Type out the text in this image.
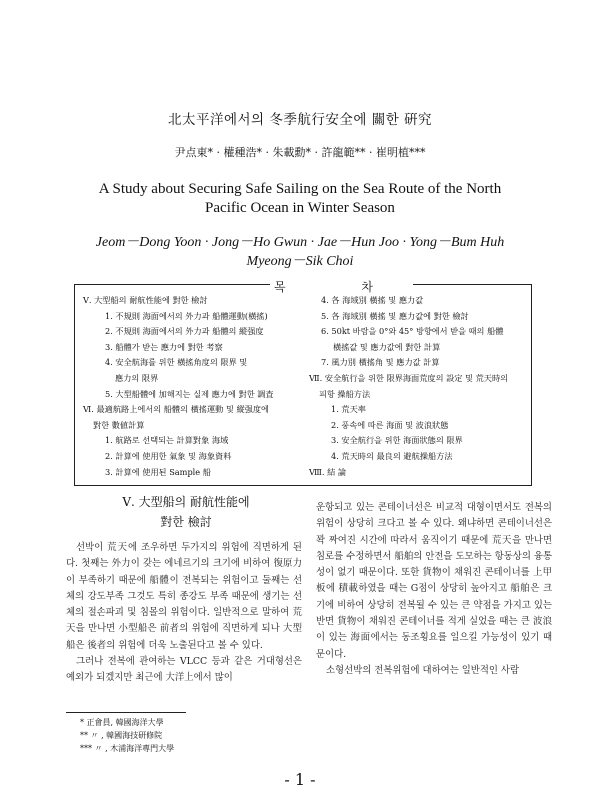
北太平洋에서의 冬季航行安全에 關한 硏究
尹点東* · 權種浩* · 朱載勳* · 許龍範** · 崔明植***
A Study about Securing Safe Sailing on the Sea Route of the North
Pacific Ocean in Winter Season
Jeom－Dong Yoon · Jong－Ho Gwun · Jae－Hun Joo · Yong－Bum Huh
Myeong－Sik Choi
Ⅴ. 大型船의 耐航性能에 對한 檢討
1. 不規則 海面에서의 外力과 船體運動(橫搖)
2. 不規則 海面에서의 外力과 船體의 縱强度
3. 船體가 받는 應力에 對한 考察
4. 安全航海를 위한 橫搖角度의 限界 및
應力의 限界
5. 大型船體에 加해지는 실제 應力에 對한 調査
Ⅵ. 最適航路上에서의 船體의 橫搖運動 및 縱强度에
對한 數値計算
1. 航路로 선택되는 計算對象 海域
2. 計算에 使用한 氣象 및 海象資料
3. 計算에 使用된 Sample 船
4. 各 海域別 橫搖 및 應力값
5. 各 海域別 橫搖 및 應力값에 對한 檢討
6. 50kt 바람을 0°와 45° 방향에서 받을 때의 船體
橫搖값 및 應力값에 對한 計算
7. 風力別 橫搖角 및 應力값 計算
Ⅶ. 安全航行을 위한 限界海面荒度의 設定 및 荒天時의
피항 操船方法
1. 荒天率
2. 풍속에 따른 海面 및 波浪狀態
3. 安全航行을 위한 海面狀態의 限界
4. 荒天時의 最良의 避航操船方法
Ⅷ. 結 論
목 차
Ⅴ. 大型船의 耐航性能에
對한 檢討

선박이 荒天에 조우하면 두가지의 위험에 직면하게 된다. 첫째는 外力이 갖는 에네르기의 크기에 비하여 復原力이 부족하기 때문에 船體이 전복되는 위험이고 둘째는 선체의 강도부족 그것도 특히 종강도 부족 때문에 생기는 선체의 절손파괴 및 침몰의 위험이다. 일반적으로 말하여 荒天을 만나면 小型船은 前者의 위험에 직면하게 되나 大型船은 後者의 위험에 더욱 노출된다고 볼 수 있다.

그러나 전복에 관여하는 VLCC 등과 같은 거대형선은 예외가 되겠지만 최근에 大洋上에서 많이

운항되고 있는 콘테이너선은 비교적 대형이면서도 전복의 위험이 상당히 크다고 볼 수 있다. 왜냐하면 콘테이너선은 꽉 짜여진 시간에 따라서 움직이기 때문에 荒天을 만나면 침로를 수정하면서 船舶의 안전을 도모하는 항동상의 융통성이 없기 때문이다. 또한 貨物이 채워진 콘테이너를 上甲板에 積載하였을 때는 G점이 상당히 높아지고 船舶은 크기에 비하여 상당히 전복될 수 있는 큰 약점을 가지고 있는 반면 貨物이 채워진 콘테이너를 적게 실었을 때는 큰 波浪이 있는 海面에서는 동조횡요를 일으킬 가능성이 있기 때문이다.

소형선박의 전복위험에 대하여는 일반적인 사람

* 正會員, 韓國海洋大學
** 〃 , 韓國海技研修院
*** 〃 , 木浦海洋專門大學
- 1 -
